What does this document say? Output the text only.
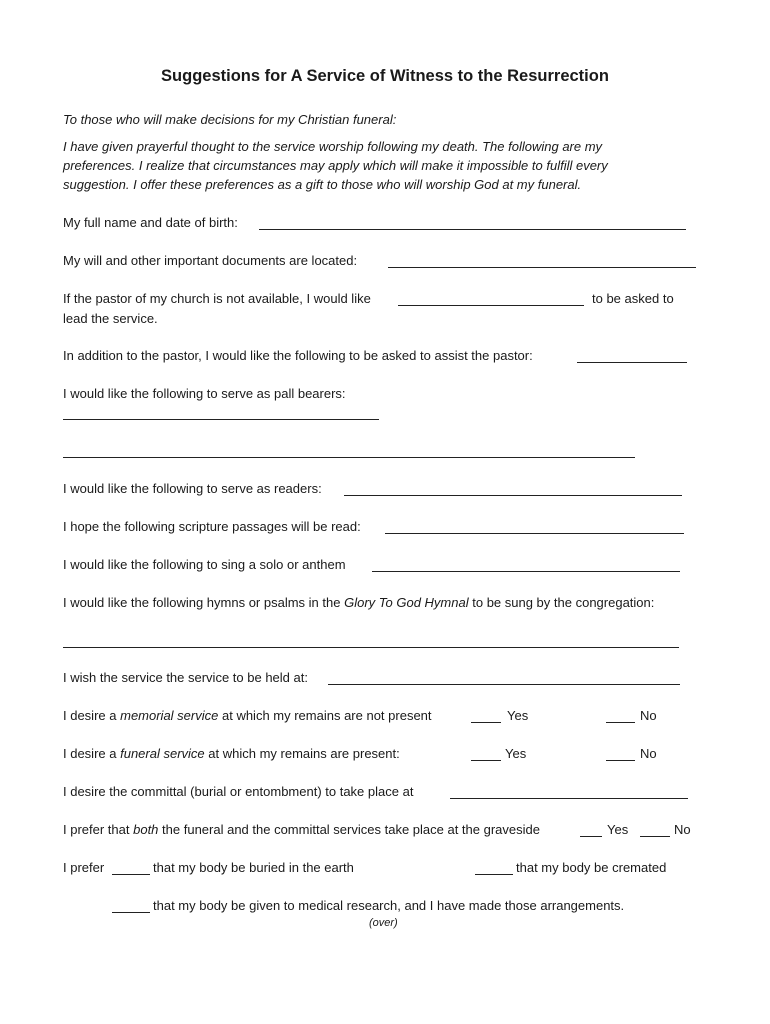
Suggestions for A Service of Witness to the Resurrection
To those who will make decisions for my Christian funeral:
I have given prayerful thought to the service worship following my death. The following are my
preferences. I realize that circumstances may apply which will make it impossible to fulfill every
suggestion. I offer these preferences as a gift to those who will worship God at my funeral.
My full name and date of birth:
My will and other important documents are located:
If the pastor of my church is not available, I would like	to be asked to
lead the service.
In addition to the pastor, I would like the following to be asked to assist the pastor:
I would like the following to serve as pall bearers:
I would like the following to serve as readers:
I hope the following scripture passages will be read:
I would like the following to sing a solo or anthem
I would like the following hymns or psalms in the Glory To God Hymnal to be sung by the congregation:
I wish the service the service to be held at:
I desire a memorial service at which my remains are not present	Yes	No
I desire a funeral service at which my remains are present:	Yes	No
I desire the committal (burial or entombment) to take place at
I prefer that both the funeral and the committal services take place at the graveside	Yes	No
I prefer	that my body be buried in the earth	that my body be cremated
that my body be given to medical research, and I have made those arrangements.
(over)
